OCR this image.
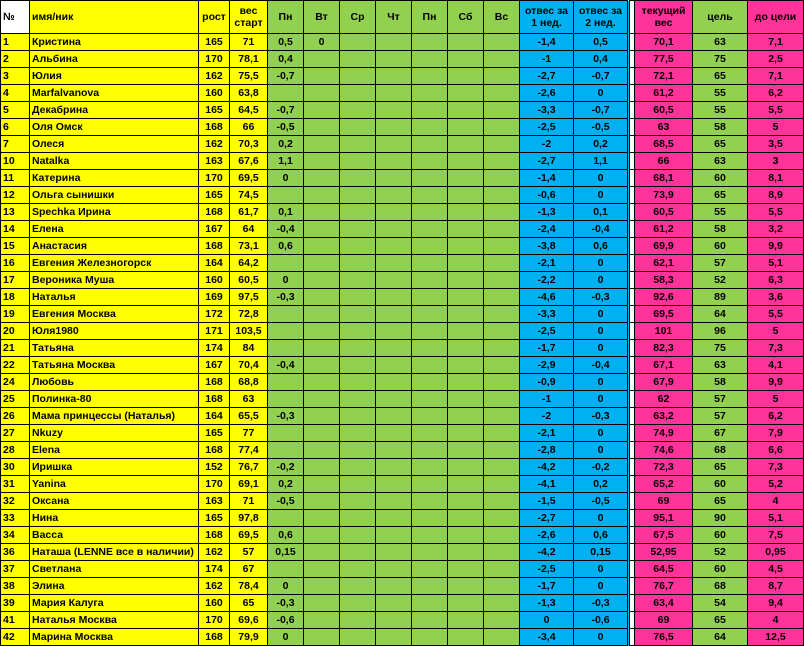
№	имя/ник	рост	вес старт	Пн	Вт	Ср	Чт	Пн	Сб	Вс	отвес за 1 нед.	отвес за 2 нед.		текущий вес	цель	до цели
1	Кристина	165	71	0,5	0						-1,4	0,5		70,1	63	7,1
2	Альбина	170	78,1	0,4							-1	0,4		77,5	75	2,5
3	Юлия	162	75,5	-0,7							-2,7	-0,7		72,1	65	7,1
4	Marfalvanova	160	63,8								-2,6	0		61,2	55	6,2
5	Декабрина	165	64,5	-0,7							-3,3	-0,7		60,5	55	5,5
6	Оля Омск	168	66	-0,5							-2,5	-0,5		63	58	5
7	Олеся	162	70,3	0,2							-2	0,2		68,5	65	3,5
10	Natalka	163	67,6	1,1							-2,7	1,1		66	63	3
11	Катерина	170	69,5	0							-1,4	0		68,1	60	8,1
12	Ольга сынишки	165	74,5								-0,6	0		73,9	65	8,9
13	Spechka Ирина	168	61,7	0,1							-1,3	0,1		60,5	55	5,5
14	Елена	167	64	-0,4							-2,4	-0,4		61,2	58	3,2
15	Анастасия	168	73,1	0,6							-3,8	0,6		69,9	60	9,9
16	Евгения Железногорск	164	64,2								-2,1	0		62,1	57	5,1
17	Вероника Муша	160	60,5	0							-2,2	0		58,3	52	6,3
18	Наталья	169	97,5	-0,3							-4,6	-0,3		92,6	89	3,6
19	Евгения Москва	172	72,8								-3,3	0		69,5	64	5,5
20	Юля1980	171	103,5								-2,5	0		101	96	5
21	Татьяна	174	84								-1,7	0		82,3	75	7,3
22	Татьяна Москва	167	70,4	-0,4							-2,9	-0,4		67,1	63	4,1
24	Любовь	168	68,8								-0,9	0		67,9	58	9,9
25	Полинка-80	168	63								-1	0		62	57	5
26	Мама принцессы (Наталья)	164	65,5	-0,3							-2	-0,3		63,2	57	6,2
27	Nkuzy	165	77								-2,1	0		74,9	67	7,9
28	Elena	168	77,4								-2,8	0		74,6	68	6,6
30	Иришка	152	76,7	-0,2							-4,2	-0,2		72,3	65	7,3
31	Yanina	170	69,1	0,2							-4,1	0,2		65,2	60	5,2
32	Оксана	163	71	-0,5							-1,5	-0,5		69	65	4
33	Нина	165	97,8								-2,7	0		95,1	90	5,1
34	Васса	168	69,5	0,6							-2,6	0,6		67,5	60	7,5
36	Наташа (LENNE все в наличии)	162	57	0,15							-4,2	0,15		52,95	52	0,95
37	Светлана	174	67								-2,5	0		64,5	60	4,5
38	Элина	162	78,4	0							-1,7	0		76,7	68	8,7
39	Мария Калуга	160	65	-0,3							-1,3	-0,3		63,4	54	9,4
41	Наталья Москва	170	69,6	-0,6							0	-0,6		69	65	4
42	Марина Москва	168	79,9	0							-3,4	0		76,5	64	12,5
